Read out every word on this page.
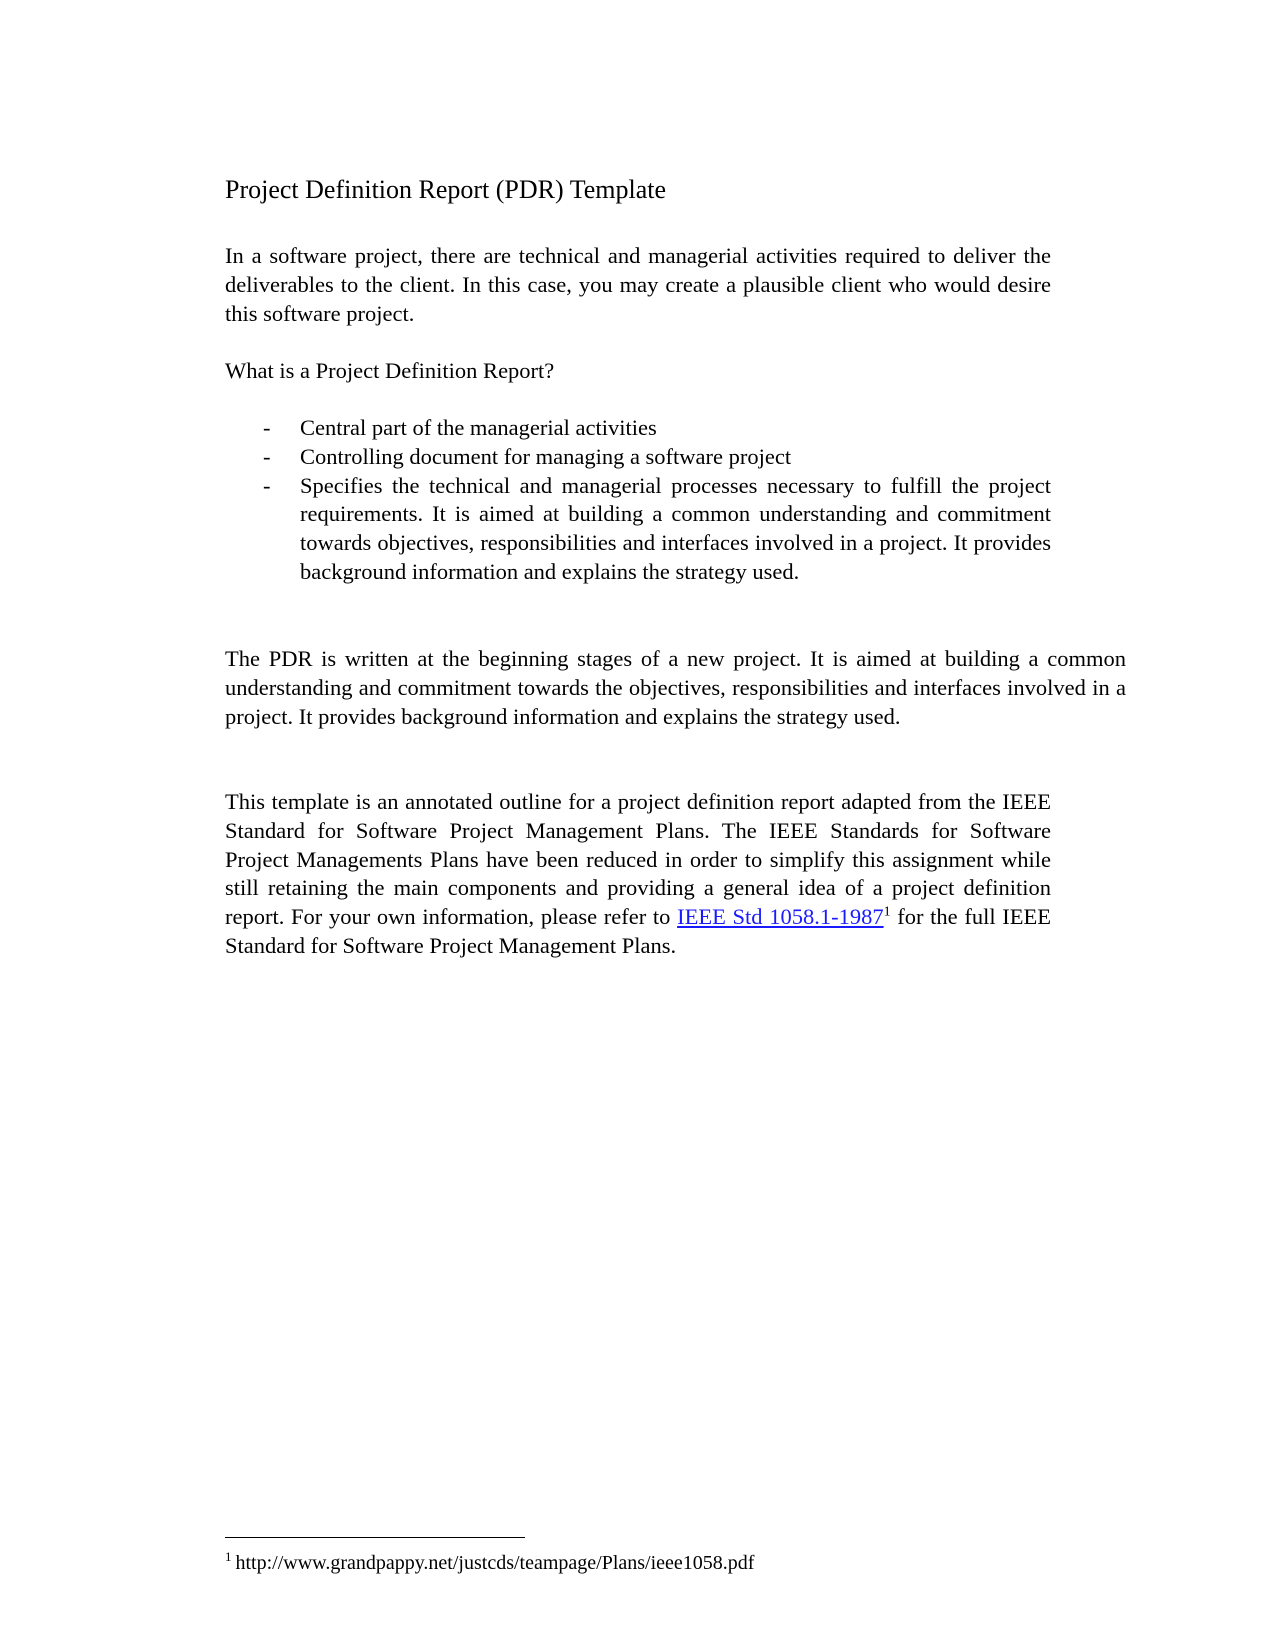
Project Definition Report (PDR) Template
In a software project, there are technical and managerial activities required to deliver the deliverables to the client. In this case, you may create a plausible client who would desire this software project.
What is a Project Definition Report?
- Central part of the managerial activities
- Controlling document for managing a software project
- Specifies the technical and managerial processes necessary to fulfill the project requirements. It is aimed at building a common understanding and commitment towards objectives, responsibilities and interfaces involved in a project. It provides background information and explains the strategy used.
The PDR is written at the beginning stages of a new project. It is aimed at building a common understanding and commitment towards the objectives, responsibilities and interfaces involved in a project. It provides background information and explains the strategy used.
This template is an annotated outline for a project definition report adapted from the IEEE Standard for Software Project Management Plans. The IEEE Standards for Software Project Managements Plans have been reduced in order to simplify this assignment while still retaining the main components and providing a general idea of a project definition report. For your own information, please refer to IEEE Std 1058.1-1987$^1$ for the full IEEE Standard for Software Project Management Plans.
$^1$ http://www.grandpappy.net/justcds/teampage/Plans/ieee1058.pdf
